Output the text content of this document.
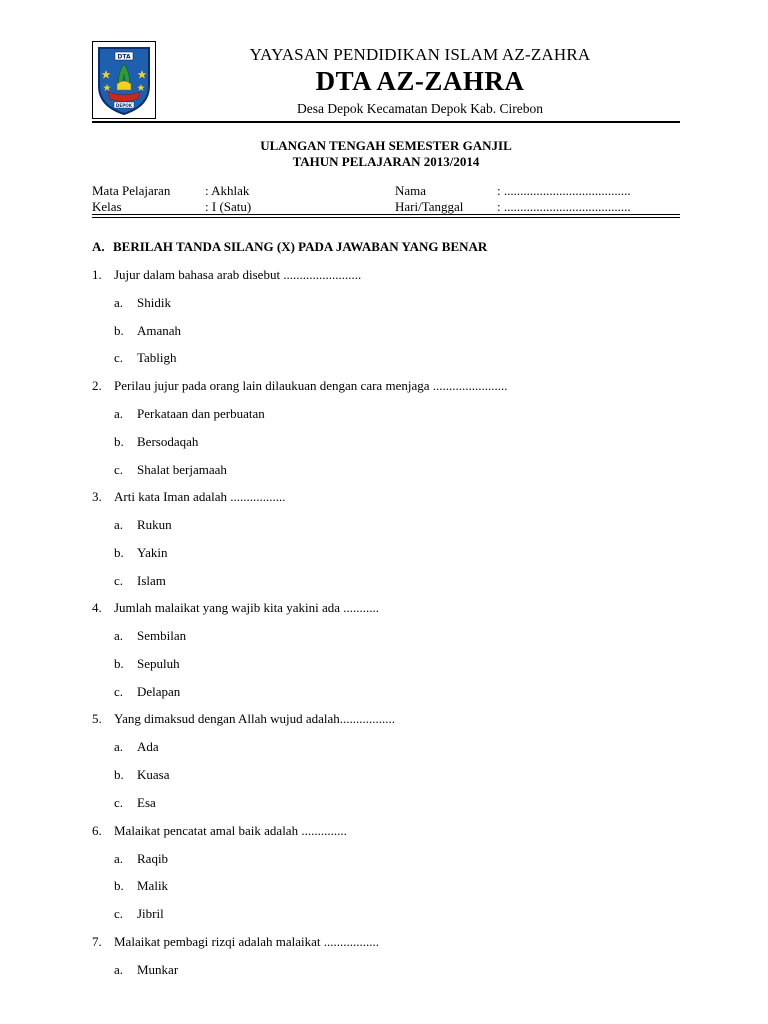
DTA
DEPOK
YAYASAN PENDIDIKAN ISLAM AZ-ZAHRA
DTA AZ-ZAHRA
Desa Depok Kecamatan Depok Kab. Cirebon
ULANGAN TENGAH SEMESTER GANJIL
TAHUN PELAJARAN 2013/2014
Mata Pelajaran	: Akhlak	Nama	: .......................................
Kelas	: I (Satu)	Hari/Tanggal	: .......................................
A. BERILAH TANDA SILANG (X) PADA JAWABAN YANG BENAR
1. Jujur dalam bahasa arab disebut ........................
a. Shidik
b. Amanah
c. Tabligh
2. Perilau jujur pada orang lain dilaukuan dengan cara menjaga .......................
a. Perkataan dan perbuatan
b. Bersodaqah
c. Shalat berjamaah
3. Arti kata Iman adalah .................
a. Rukun
b. Yakin
c. Islam
4. Jumlah malaikat yang wajib kita yakini ada ...........
a. Sembilan
b. Sepuluh
c. Delapan
5. Yang dimaksud dengan Allah wujud adalah.................
a. Ada
b. Kuasa
c. Esa
6. Malaikat pencatat amal baik adalah ..............
a. Raqib
b. Malik
c. Jibril
7. Malaikat pembagi rizqi adalah malaikat .................
a. Munkar
